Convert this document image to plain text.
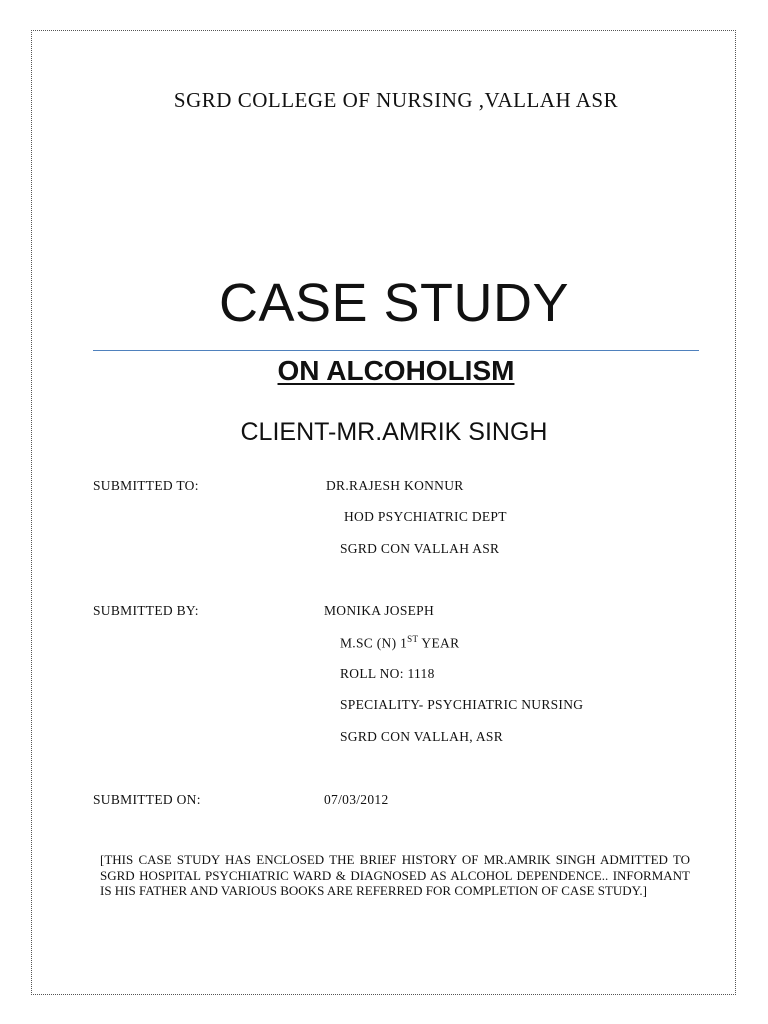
SGRD COLLEGE OF NURSING ,VALLAH ASR
CASE STUDY
ON ALCOHOLISM
CLIENT-MR.AMRIK SINGH
SUBMITTED TO:	DR.RAJESH KONNUR
HOD PSYCHIATRIC DEPT
SGRD CON VALLAH ASR
SUBMITTED BY:	MONIKA JOSEPH
M.SC (N) 1ST YEAR
ROLL NO: 1118
SPECIALITY- PSYCHIATRIC NURSING
SGRD CON VALLAH, ASR
SUBMITTED ON:	07/03/2012
[THIS CASE STUDY HAS ENCLOSED THE BRIEF HISTORY OF MR.AMRIK SINGH ADMITTED TO SGRD HOSPITAL PSYCHIATRIC WARD & DIAGNOSED AS ALCOHOL DEPENDENCE.. INFORMANT IS HIS FATHER AND VARIOUS BOOKS ARE REFERRED FOR COMPLETION OF CASE STUDY.]
